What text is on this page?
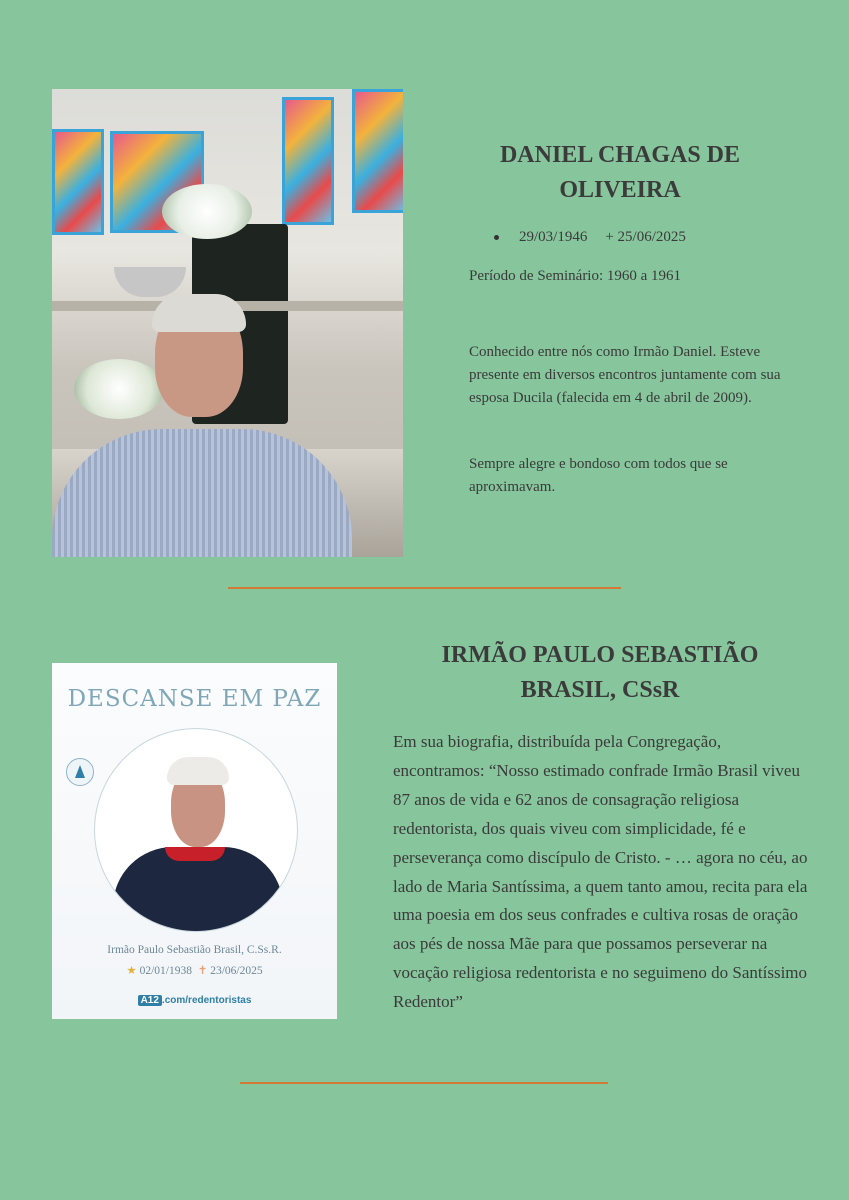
DANIEL CHAGAS DE OLIVEIRA
29/03/1946 + 25/06/2025
Período de Seminário: 1960 a 1961

Conhecido entre nós como Irmão Daniel. Esteve presente em diversos encontros juntamente com sua esposa Ducila (falecida em 4 de abril de 2009).

Sempre alegre e bondoso com todos que se aproximavam.

DESCANSE EM PAZ
Irmão Paulo Sebastião Brasil, C.Ss.R.
★ 02/01/1938 ✝ 23/06/2025
A12 .com/redentoristas
IRMÃO PAULO SEBASTIÃO BRASIL, CSsR

Em sua biografia, distribuída pela Congregação, encontramos: “Nosso estimado confrade Irmão Brasil viveu 87 anos de vida e 62 anos de consagração religiosa redentorista, dos quais viveu com simplicidade, fé e perseverança como discípulo de Cristo. - … agora no céu, ao lado de Maria Santíssima, a quem tanto amou, recita para ela uma poesia em dos seus confrades e cultiva rosas de oração aos pés de nossa Mãe para que possamos perseverar na vocação religiosa redentorista e no seguimeno do Santíssimo Redentor”
